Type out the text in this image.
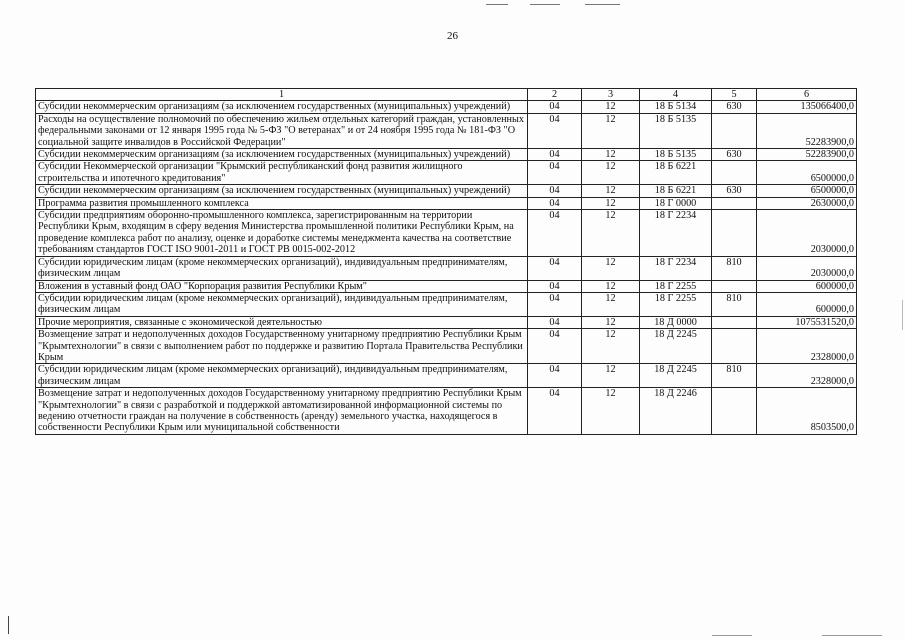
26
1	2	3	4	5	6
Субсидии некоммерческим организациям (за исключением государственных (муниципальных) учреждений)	04	12	18 Б 5134	630	135066400,0
Расходы на осуществление полномочий по обеспечению жильем отдельных категорий граждан, установленных федеральными законами от 12 января 1995 года № 5-ФЗ "О ветеранах" и от 24 ноября 1995 года № 181-ФЗ "О социальной защите инвалидов в Российской Федерации"	04	12	18 Б 5135		52283900,0
Субсидии некоммерческим организациям (за исключением государственных (муниципальных) учреждений)	04	12	18 Б 5135	630	52283900,0
Субсидии Некоммерческой организации "Крымский республиканский фонд развития жилищного строительства и ипотечного кредитования"	04	12	18 Б 6221		6500000,0
Субсидии некоммерческим организациям (за исключением государственных (муниципальных) учреждений)	04	12	18 Б 6221	630	6500000,0
Программа развития промышленного комплекса	04	12	18 Г 0000		2630000,0
Субсидии предприятиям оборонно-промышленного комплекса, зарегистрированным на территории Республики Крым, входящим в сферу ведения Министерства промышленной политики Республики Крым, на проведение комплекса работ по анализу, оценке и доработке системы менеджмента качества на соответствие требованиям стандартов ГОСТ ISO 9001-2011 и ГОСТ РВ 0015-002-2012	04	12	18 Г 2234		2030000,0
Субсидии юридическим лицам (кроме некоммерческих организаций), индивидуальным предпринимателям, физическим лицам	04	12	18 Г 2234	810	2030000,0
Вложения в уставный фонд ОАО "Корпорация развития Республики Крым"	04	12	18 Г 2255		600000,0
Субсидии юридическим лицам (кроме некоммерческих организаций), индивидуальным предпринимателям, физическим лицам	04	12	18 Г 2255	810	600000,0
Прочие мероприятия, связанные с экономической деятельностью	04	12	18 Д 0000		1075531520,0
Возмещение затрат и недополученных доходов Государственному унитарному предприятию Республики Крым "Крымтехнологии" в связи с выполнением работ по поддержке и развитию Портала Правительства Республики Крым	04	12	18 Д 2245		2328000,0
Субсидии юридическим лицам (кроме некоммерческих организаций), индивидуальным предпринимателям, физическим лицам	04	12	18 Д 2245	810	2328000,0
Возмещение затрат и недополученных доходов Государственному унитарному предприятию Республики Крым "Крымтехнологии" в связи с разработкой и поддержкой автоматизированной информационной системы по ведению отчетности граждан на получение в собственность (аренду) земельного участка, находящегося в собственности Республики Крым или муниципальной собственности	04	12	18 Д 2246		8503500,0
